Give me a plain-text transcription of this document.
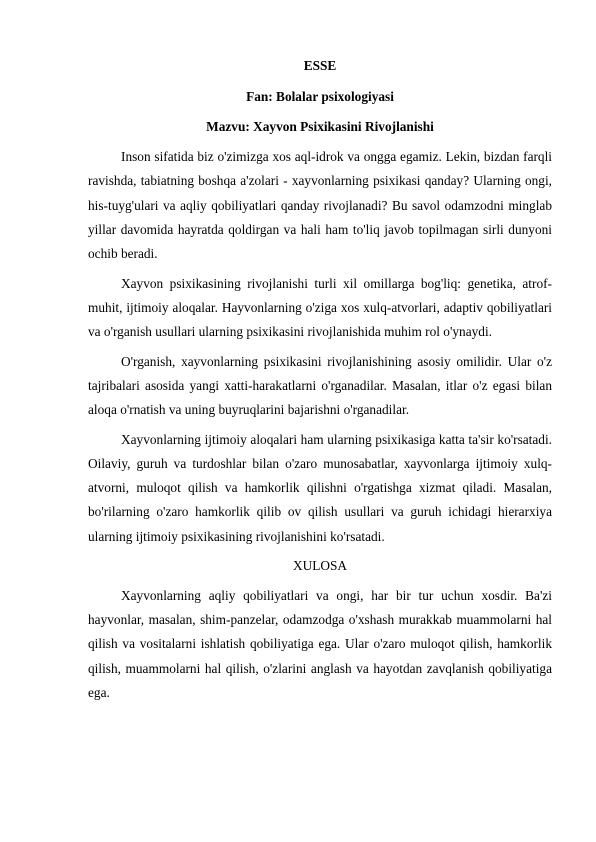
ESSE
Fan: Bolalar psixologiyasi
Mazvu: Xayvon Psixikasini Rivojlanishi

Inson sifatida biz o'zimizga xos aql-idrok va ongga egamiz. Lekin, bizdan farqli ravishda, tabiatning boshqa a'zolari - xayvonlarning psixikasi qanday? Ularning ongi, his-tuyg'ulari va aqliy qobiliyatlari qanday rivojlanadi? Bu savol odamzodni minglab yillar davomida hayratda qoldirgan va hali ham to'liq javob topilmagan sirli dunyoni ochib beradi.

Xayvon psixikasining rivojlanishi turli xil omillarga bog'liq: genetika, atrof-muhit, ijtimoiy aloqalar. Hayvonlarning o'ziga xos xulq-atvorlari, adaptiv qobiliyatlari va o'rganish usullari ularning psixikasini rivojlanishida muhim rol o'ynaydi.

O'rganish, xayvonlarning psixikasini rivojlanishining asosiy omilidir. Ular o'z tajribalari asosida yangi xatti-harakatlarni o'rganadilar. Masalan, itlar o'z egasi bilan aloqa o'rnatish va uning buyruqlarini bajarishni o'rganadilar.

Xayvonlarning ijtimoiy aloqalari ham ularning psixikasiga katta ta'sir ko'rsatadi. Oilaviy, guruh va turdoshlar bilan o'zaro munosabatlar, xayvonlarga ijtimoiy xulq-atvorni, muloqot qilish va hamkorlik qilishni o'rgatishga xizmat qiladi. Masalan, bo'rilarning o'zaro hamkorlik qilib ov qilish usullari va guruh ichidagi hierarxiya ularning ijtimoiy psixikasining rivojlanishini ko'rsatadi.

XULOSA

Xayvonlarning aqliy qobiliyatlari va ongi, har bir tur uchun xosdir. Ba'zi hayvonlar, masalan, shim-panzelar, odamzodga o'xshash murakkab muammolarni hal qilish va vositalarni ishlatish qobiliyatiga ega. Ular o'zaro muloqot qilish, hamkorlik qilish, muammolarni hal qilish, o'zlarini anglash va hayotdan zavqlanish qobiliyatiga ega.
